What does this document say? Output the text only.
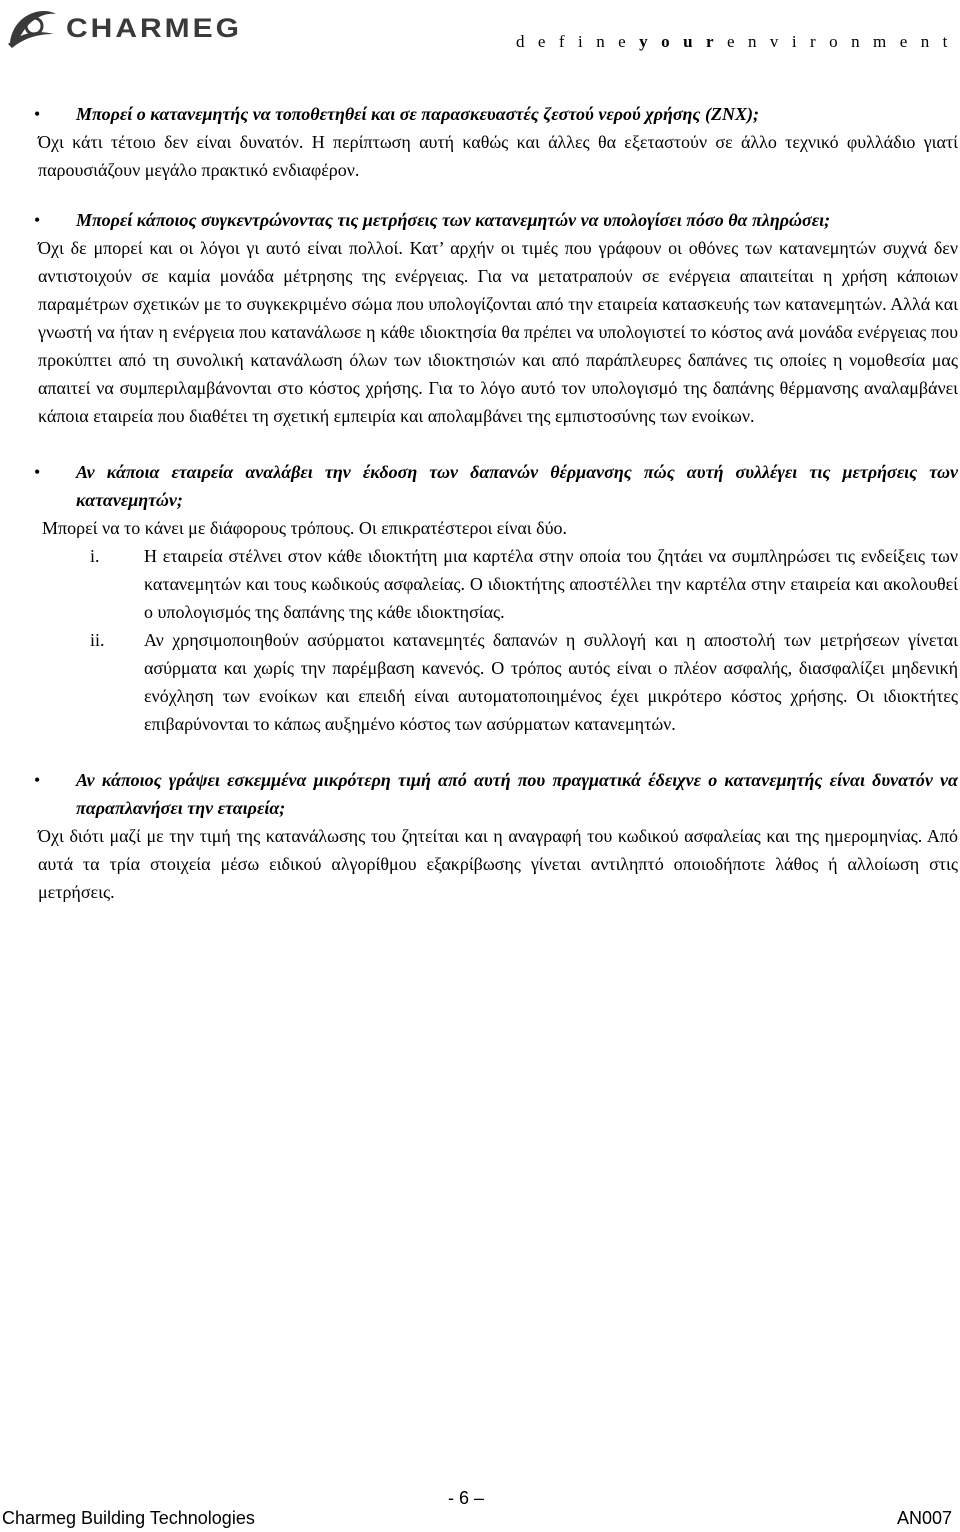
CHARMEG	d e f i n e y o u r e n v i r o n m e n t
• Μπορεί ο κατανεμητής να τοποθετηθεί και σε παρασκευαστές ζεστού νερού χρήσης (ΖΝΧ);
Όχι κάτι τέτοιο δεν είναι δυνατόν. Η περίπτωση αυτή καθώς και άλλες θα εξεταστούν σε άλλο τεχνικό φυλλάδιο γιατί παρουσιάζουν μεγάλο πρακτικό ενδιαφέρον.
• Μπορεί κάποιος συγκεντρώνοντας τις μετρήσεις των κατανεμητών να υπολογίσει πόσο θα πληρώσει;
Όχι δε μπορεί και οι λόγοι γι αυτό είναι πολλοί. Κατ’ αρχήν οι τιμές που γράφουν οι οθόνες των κατανεμητών συχνά δεν αντιστοιχούν σε καμία μονάδα μέτρησης της ενέργειας. Για να μετατραπούν σε ενέργεια απαιτείται η χρήση κάποιων παραμέτρων σχετικών με το συγκεκριμένο σώμα που υπολογίζονται από την εταιρεία κατασκευής των κατανεμητών. Αλλά και γνωστή να ήταν η ενέργεια που κατανάλωσε η κάθε ιδιοκτησία θα πρέπει να υπολογιστεί το κόστος ανά μονάδα ενέργειας που προκύπτει από τη συνολική κατανάλωση όλων των ιδιοκτησιών και από παράπλευρες δαπάνες τις οποίες η νομοθεσία μας απαιτεί να συμπεριλαμβάνονται στο κόστος χρήσης. Για το λόγο αυτό τον υπολογισμό της δαπάνης θέρμανσης αναλαμβάνει κάποια εταιρεία που διαθέτει τη σχετική εμπειρία και απολαμβάνει της εμπιστοσύνης των ενοίκων.
• Αν κάποια εταιρεία αναλάβει την έκδοση των δαπανών θέρμανσης πώς αυτή συλλέγει τις μετρήσεις των κατανεμητών;
Μπορεί να το κάνει με διάφορους τρόπους. Οι επικρατέστεροι είναι δύο.
i. Η εταιρεία στέλνει στον κάθε ιδιοκτήτη μια καρτέλα στην οποία του ζητάει να συμπληρώσει τις ενδείξεις των κατανεμητών και τους κωδικούς ασφαλείας. Ο ιδιοκτήτης αποστέλλει την καρτέλα στην εταιρεία και ακολουθεί ο υπολογισμός της δαπάνης της κάθε ιδιοκτησίας.
ii. Αν χρησιμοποιηθούν ασύρματοι κατανεμητές δαπανών η συλλογή και η αποστολή των μετρήσεων γίνεται ασύρματα και χωρίς την παρέμβαση κανενός. Ο τρόπος αυτός είναι ο πλέον ασφαλής, διασφαλίζει μηδενική ενόχληση των ενοίκων και επειδή είναι αυτοματοποιημένος έχει μικρότερο κόστος χρήσης. Οι ιδιοκτήτες επιβαρύνονται το κάπως αυξημένο κόστος των ασύρματων κατανεμητών.
• Αν κάποιος γράψει εσκεμμένα μικρότερη τιμή από αυτή που πραγματικά έδειχνε ο κατανεμητής είναι δυνατόν να παραπλανήσει την εταιρεία;
Όχι διότι μαζί με την τιμή της κατανάλωσης του ζητείται και η αναγραφή του κωδικού ασφαλείας και της ημερομηνίας. Από αυτά τα τρία στοιχεία μέσω ειδικού αλγορίθμου εξακρίβωσης γίνεται αντιληπτό οποιοδήποτε λάθος ή αλλοίωση στις μετρήσεις.
- 6 –
Charmeg Building Technologies	AN007
